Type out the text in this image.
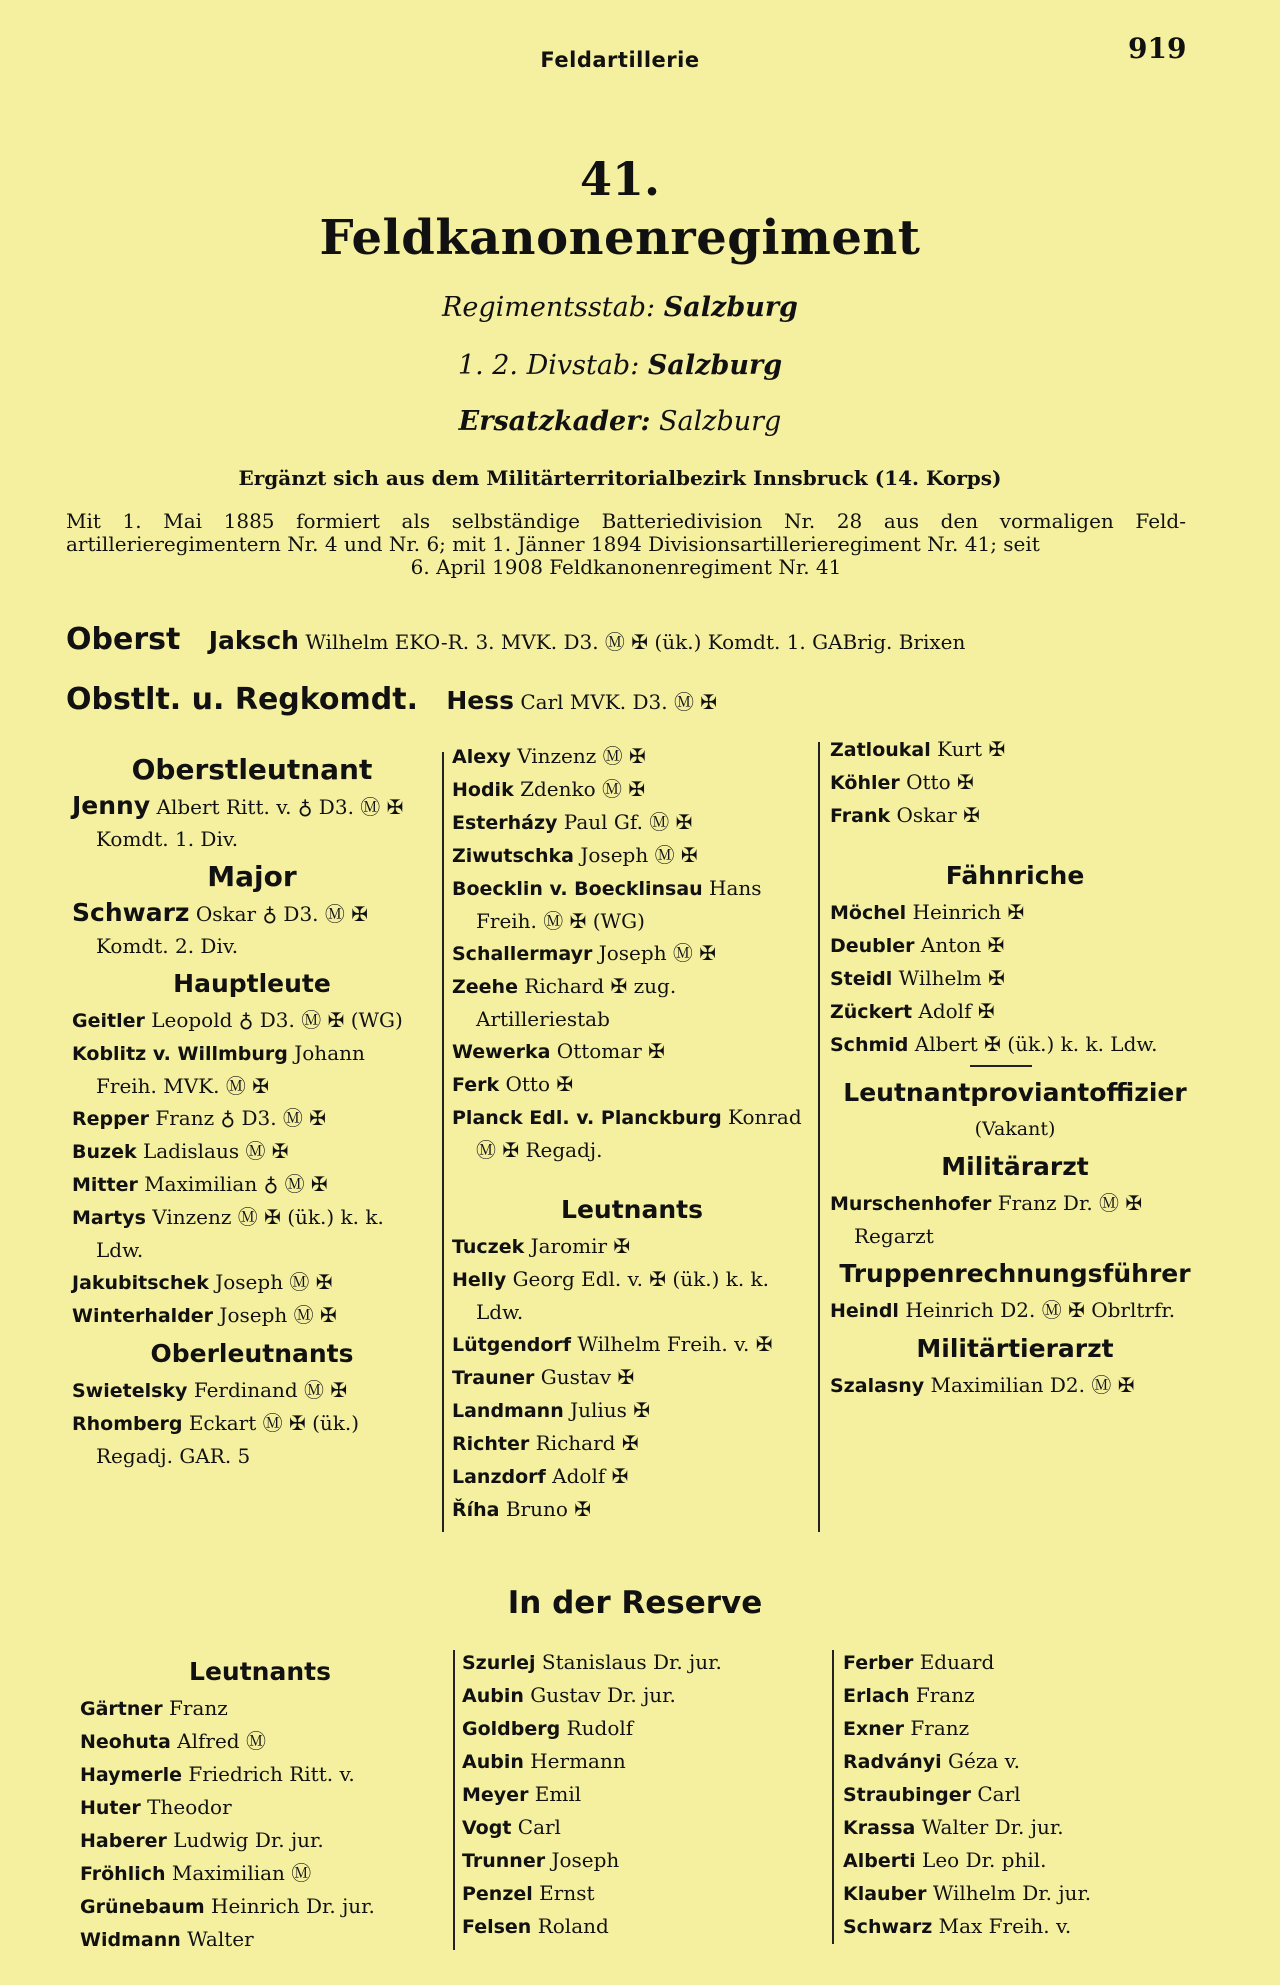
Feldartillerie	919
41.
Feldkanonenregiment
Regimentsstab: Salzburg
1. 2. Divstab: Salzburg
Ersatzkader: Salzburg
Ergänzt sich aus dem Militärterritorialbezirk Innsbruck (14. Korps)
Mit 1. Mai 1885 formiert als selbständige Batteriedivision Nr. 28 aus den vormaligen Feld-artillerieregimentern Nr. 4 und Nr. 6; mit 1. Jänner 1894 Divisionsartillerieregiment Nr. 41; seit
6. April 1908 Feldkanonenregiment Nr. 41
Oberst Jaksch Wilhelm EKO-R. 3. MVK. D3. Ⓜ ✠ (ük.) Komdt. 1. GABrig. Brixen
Obstlt. u. Regkomdt. Hess Carl MVK. D3. Ⓜ ✠
Oberstleutnant
Jenny Albert Ritt. v. ♁ D3. Ⓜ ✠ Komdt. 1. Div.
Major
Schwarz Oskar ♁ D3. Ⓜ ✠ Komdt. 2. Div.
Hauptleute
Geitler Leopold ♁ D3. Ⓜ ✠ (WG)
Koblitz v. Willmburg Johann Freih. MVK. Ⓜ ✠
Repper Franz ♁ D3. Ⓜ ✠
Buzek Ladislaus Ⓜ ✠
Mitter Maximilian ♁ Ⓜ ✠
Martys Vinzenz Ⓜ ✠ (ük.) k. k. Ldw.
Jakubitschek Joseph Ⓜ ✠
Winterhalder Joseph Ⓜ ✠
Oberleutnants
Swietelsky Ferdinand Ⓜ ✠
Rhomberg Eckart Ⓜ ✠ (ük.) Regadj. GAR. 5
Alexy Vinzenz Ⓜ ✠
Hodik Zdenko Ⓜ ✠
Esterházy Paul Gf. Ⓜ ✠
Ziwutschka Joseph Ⓜ ✠
Boecklin v. Boecklinsau Hans Freih. Ⓜ ✠ (WG)
Schallermayr Joseph Ⓜ ✠
Zeehe Richard ✠ zug. Artilleriestab
Wewerka Ottomar ✠
Ferk Otto ✠
Planck Edl. v. Planckburg Konrad Ⓜ ✠ Regadj.
Leutnants
Tuczek Jaromir ✠
Helly Georg Edl. v. ✠ (ük.) k. k. Ldw.
Lütgendorf Wilhelm Freih. v. ✠
Trauner Gustav ✠
Landmann Julius ✠
Richter Richard ✠
Lanzdorf Adolf ✠
Říha Bruno ✠
Zatloukal Kurt ✠
Köhler Otto ✠
Frank Oskar ✠
Fähnriche
Möchel Heinrich ✠
Deubler Anton ✠
Steidl Wilhelm ✠
Zückert Adolf ✠
Schmid Albert ✠ (ük.) k. k. Ldw.
Leutnantproviantoffizier
(Vakant)
Militärarzt
Murschenhofer Franz Dr. Ⓜ ✠ Regarzt
Truppenrechnungsführer
Heindl Heinrich D2. Ⓜ ✠ Obrltrfr.
Militärtierarzt
Szalasny Maximilian D2. Ⓜ ✠
In der Reserve
Leutnants
Gärtner Franz
Neohuta Alfred Ⓜ
Haymerle Friedrich Ritt. v.
Huter Theodor
Haberer Ludwig Dr. jur.
Fröhlich Maximilian Ⓜ
Grünebaum Heinrich Dr. jur.
Widmann Walter
Szurlej Stanislaus Dr. jur.
Aubin Gustav Dr. jur.
Goldberg Rudolf
Aubin Hermann
Meyer Emil
Vogt Carl
Trunner Joseph
Penzel Ernst
Felsen Roland
Ferber Eduard
Erlach Franz
Exner Franz
Radványi Géza v.
Straubinger Carl
Krassa Walter Dr. jur.
Alberti Leo Dr. phil.
Klauber Wilhelm Dr. jur.
Schwarz Max Freih. v.
